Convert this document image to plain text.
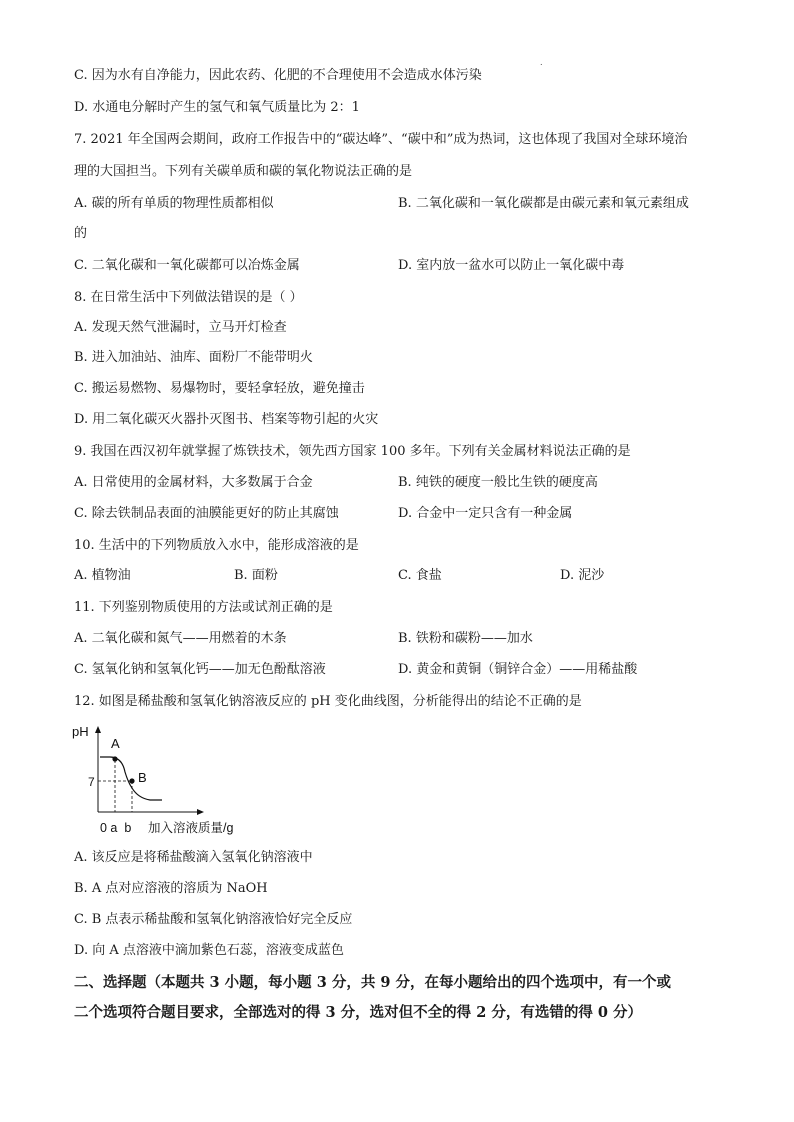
.
C. 因为水有自净能力，因此农药、化肥的不合理使用不会造成水体污染
D. 水通电分解时产生的氢气和氧气质量比为 2：1
7. 2021 年全国两会期间，政府工作报告中的“碳达峰”、“碳中和”成为热词，这也体现了我国对全球环境治
理的大国担当。下列有关碳单质和碳的氧化物说法正确的是
A. 碳的所有单质的物理性质都相似	B. 二氧化碳和一氧化碳都是由碳元素和氧元素组成
的
C. 二氧化碳和一氧化碳都可以冶炼金属	D. 室内放一盆水可以防止一氧化碳中毒
8. 在日常生活中下列做法错误的是（ ）
A. 发现天然气泄漏时，立马开灯检查
B. 进入加油站、油库、面粉厂不能带明火
C. 搬运易燃物、易爆物时，要轻拿轻放，避免撞击
D. 用二氧化碳灭火器扑灭图书、档案等物引起的火灾
9. 我国在西汉初年就掌握了炼铁技术，领先西方国家 100 多年。下列有关金属材料说法正确的是
A. 日常使用的金属材料，大多数属于合金	B. 纯铁的硬度一般比生铁的硬度高
C. 除去铁制品表面的油膜能更好的防止其腐蚀	D. 合金中一定只含有一种金属
10. 生活中的下列物质放入水中，能形成溶液的是
A. 植物油	B. 面粉	C. 食盐	D. 泥沙
11. 下列鉴别物质使用的方法或试剂正确的是
A. 二氧化碳和氮气——用燃着的木条	B. 铁粉和碳粉——加水
C. 氢氧化钠和氢氧化钙——加无色酚酞溶液	D. 黄金和黄铜（铜锌合金）——用稀盐酸
12. 如图是稀盐酸和氢氧化钠溶液反应的 pH 变化曲线图，分析能得出的结论不正确的是
pH
A
B
7
0 a  b 加入溶液质量/g
A. 该反应是将稀盐酸滴入氢氧化钠溶液中
B. A 点对应溶液的溶质为 NaOH
C. B 点表示稀盐酸和氢氧化钠溶液恰好完全反应
D. 向 A 点溶液中滴加紫色石蕊，溶液变成蓝色
二、选择题（本题共 3 小题，每小题 3 分，共 9 分，在每小题给出的四个选项中，有一个或
二个选项符合题目要求，全部选对的得 3 分，选对但不全的得 2 分，有选错的得 0 分）
